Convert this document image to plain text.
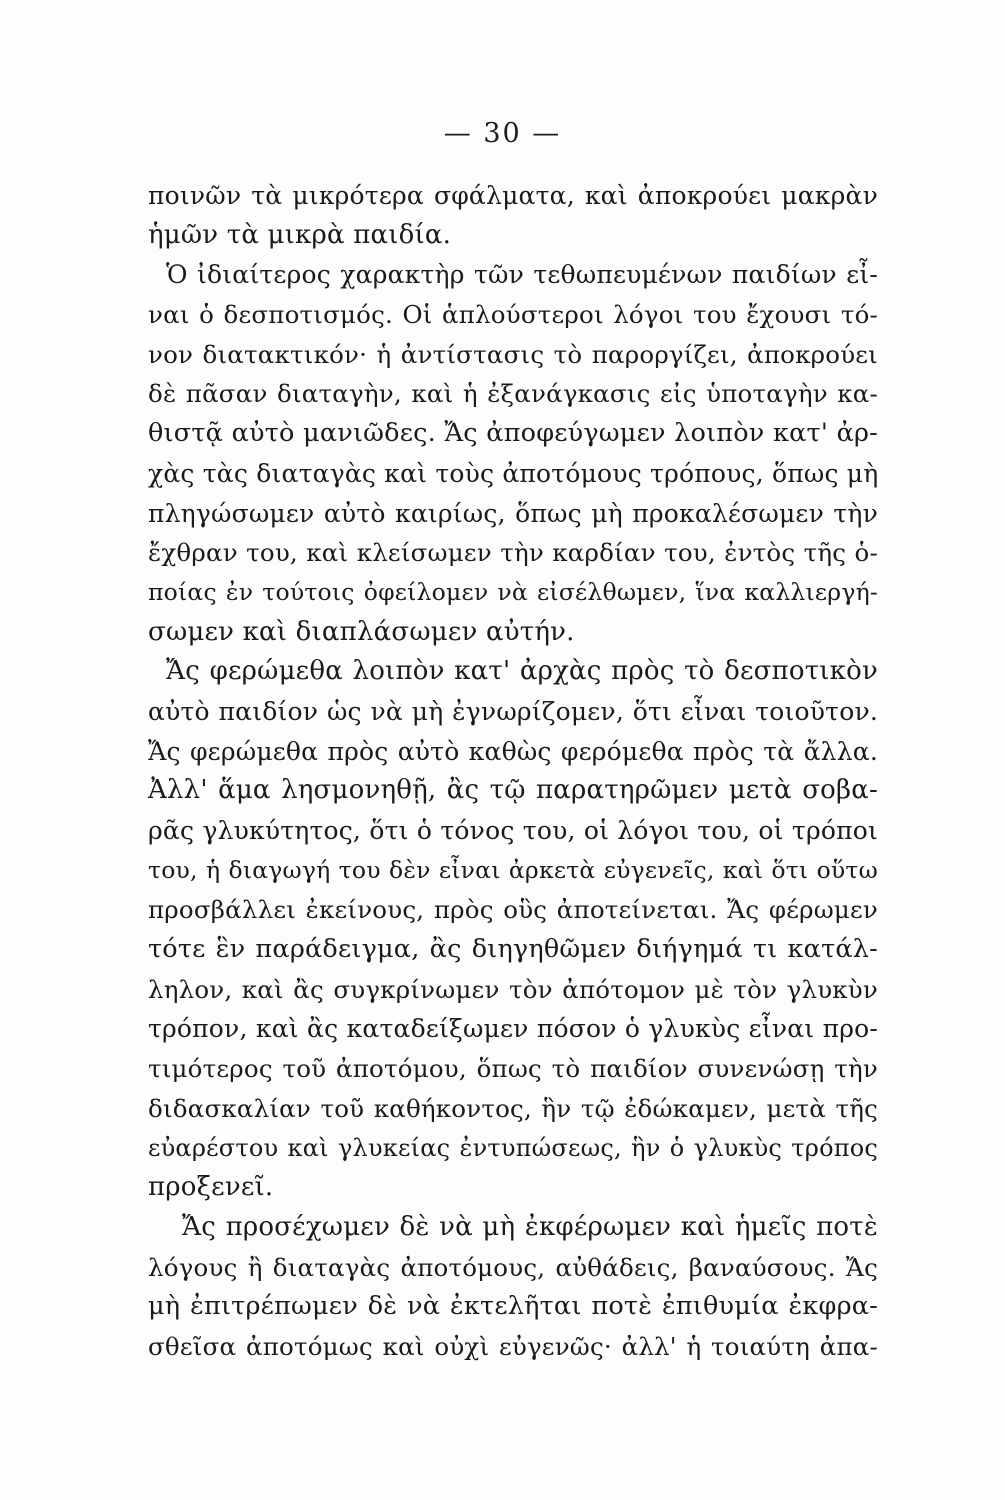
— 30 —
ποινῶν τὰ μικρότερα σφάλματα, καὶ ἀποκρούει μακρὰν
ἡμῶν τὰ μικρὰ παιδία.
Ὁ ἰδιαίτερος χαρακτὴρ τῶν τεθωπευμένων παιδίων εἶ-
ναι ὁ δεσποτισμός. Οἱ ἁπλούστεροι λόγοι του ἔχουσι τό-
νον διατακτικόν· ἡ ἀντίστασις τὸ παροργίζει, ἀποκρούει
δὲ πᾶσαν διαταγὴν, καὶ ἡ ἐξανάγκασις εἰς ὑποταγὴν κα-
θιστᾷ αὐτὸ μανιῶδες. Ἄς ἀποφεύγωμεν λοιπὸν κατ' ἀρ-
χὰς τὰς διαταγὰς καὶ τοὺς ἀποτόμους τρόπους, ὅπως μὴ
πληγώσωμεν αὐτὸ καιρίως, ὅπως μὴ προκαλέσωμεν τὴν
ἔχθραν του, καὶ κλείσωμεν τὴν καρδίαν του, ἐντὸς τῆς ὁ-
ποίας ἐν τούτοις ὀφείλομεν νὰ εἰσέλθωμεν, ἵνα καλλιεργή-
σωμεν καὶ διαπλάσωμεν αὐτήν.
Ἄς φερώμεθα λοιπὸν κατ' ἀρχὰς πρὸς τὸ δεσποτικὸν
αὐτὸ παιδίον ὡς νὰ μὴ ἐγνωρίζομεν, ὅτι εἶναι τοιοῦτον.
Ἄς φερώμεθα πρὸς αὐτὸ καθὼς φερόμεθα πρὸς τὰ ἄλλα.
Ἀλλ' ἅμα λησμονηθῇ, ἂς τῷ παρατηρῶμεν μετὰ σοβα-
ρᾶς γλυκύτητος, ὅτι ὁ τόνος του, οἱ λόγοι του, οἱ τρόποι
του, ἡ διαγωγή του δὲν εἶναι ἀρκετὰ εὐγενεῖς, καὶ ὅτι οὕτω
προσβάλλει ἐκείνους, πρὸς οὓς ἀποτείνεται. Ἄς φέρωμεν
τότε ἓν παράδειγμα, ἂς διηγηθῶμεν διήγημά τι κατάλ-
ληλον, καὶ ἂς συγκρίνωμεν τὸν ἀπότομον μὲ τὸν γλυκὺν
τρόπον, καὶ ἂς καταδείξωμεν πόσον ὁ γλυκὺς εἶναι προ-
τιμότερος τοῦ ἀποτόμου, ὅπως τὸ παιδίον συνενώσῃ τὴν
διδασκαλίαν τοῦ καθήκοντος, ἣν τῷ ἐδώκαμεν, μετὰ τῆς
εὐαρέστου καὶ γλυκείας ἐντυπώσεως, ἣν ὁ γλυκὺς τρόπος
προξενεῖ.
Ἄς προσέχωμεν δὲ νὰ μὴ ἐκφέρωμεν καὶ ἡμεῖς ποτὲ
λόγους ἢ διαταγὰς ἀποτόμους, αὐθάδεις, βαναύσους. Ἄς
μὴ ἐπιτρέπωμεν δὲ νὰ ἐκτελῆται ποτὲ ἐπιθυμία ἐκφρα-
σθεῖσα ἀποτόμως καὶ οὐχὶ εὐγενῶς· ἀλλ' ἡ τοιαύτη ἀπα-
